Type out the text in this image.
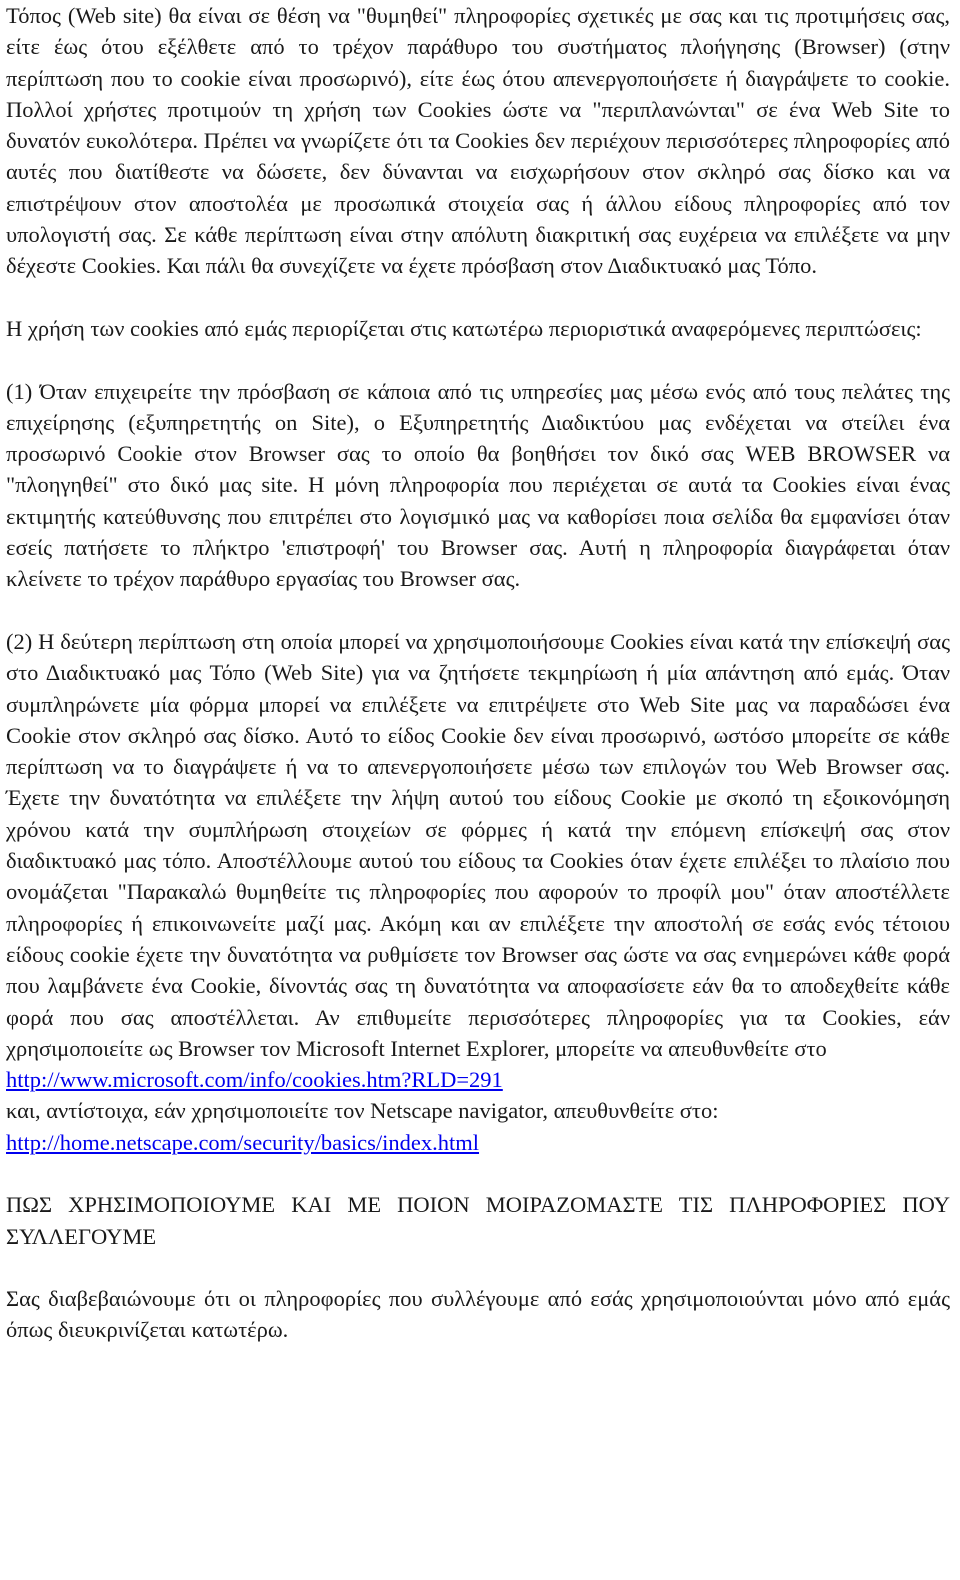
Τόπος (Web site) θα είναι σε θέση να "θυμηθεί" πληροφορίες σχετικές με σας και τις προτιμήσεις σας, είτε έως ότου εξέλθετε από το τρέχον παράθυρο του συστήματος πλοήγησης (Browser) (στην περίπτωση που το cookie είναι προσωρινό), είτε έως ότου απενεργοποιήσετε ή διαγράψετε το cookie. Πολλοί χρήστες προτιμούν τη χρήση των Cookies ώστε να "περιπλανώνται" σε ένα Web Site το δυνατόν ευκολότερα. Πρέπει να γνωρίζετε ότι τα Cookies δεν περιέχουν περισσότερες πληροφορίες από αυτές που διατίθεστε να δώσετε, δεν δύνανται να εισχωρήσουν στον σκληρό σας δίσκο και να επιστρέψουν στον αποστολέα με προσωπικά στοιχεία σας ή άλλου είδους πληροφορίες από τον υπολογιστή σας. Σε κάθε περίπτωση είναι στην απόλυτη διακριτική σας ευχέρεια να επιλέξετε να μην δέχεστε Cookies. Και πάλι θα συνεχίζετε να έχετε πρόσβαση στον Διαδικτυακό μας Τόπο.

Η χρήση των cookies από εμάς περιορίζεται στις κατωτέρω περιοριστικά αναφερόμενες περιπτώσεις:

(1) Όταν επιχειρείτε την πρόσβαση σε κάποια από τις υπηρεσίες μας μέσω ενός από τους πελάτες της επιχείρησης (εξυπηρετητής on Site), ο Εξυπηρετητής Διαδικτύου μας ενδέχεται να στείλει ένα προσωρινό Cookie στον Browser σας το οποίο θα βοηθήσει τον δικό σας WEB BROWSER να "πλοηγηθεί" στο δικό μας site. Η μόνη πληροφορία που περιέχεται σε αυτά τα Cookies είναι ένας εκτιμητής κατεύθυνσης που επιτρέπει στο λογισμικό μας να καθορίσει ποια σελίδα θα εμφανίσει όταν εσείς πατήσετε το πλήκτρο 'επιστροφή' του Browser σας. Αυτή η πληροφορία διαγράφεται όταν κλείνετε το τρέχον παράθυρο εργασίας του Browser σας.

(2) Η δεύτερη περίπτωση στη οποία μπορεί να χρησιμοποιήσουμε Cookies είναι κατά την επίσκεψή σας στο Διαδικτυακό μας Τόπο (Web Site) για να ζητήσετε τεκμηρίωση ή μία απάντηση από εμάς. Όταν συμπληρώνετε μία φόρμα μπορεί να επιλέξετε να επιτρέψετε στο Web Site μας να παραδώσει ένα Cookie στον σκληρό σας δίσκο. Αυτό το είδος Cookie δεν είναι προσωρινό, ωστόσο μπορείτε σε κάθε περίπτωση να το διαγράψετε ή να το απενεργοποιήσετε μέσω των επιλογών του Web Browser σας. Έχετε την δυνατότητα να επιλέξετε την λήψη αυτού του είδους Cookie με σκοπό τη εξοικονόμηση χρόνου κατά την συμπλήρωση στοιχείων σε φόρμες ή κατά την επόμενη επίσκεψή σας στον διαδικτυακό μας τόπο. Αποστέλλουμε αυτού του είδους τα Cookies όταν έχετε επιλέξει το πλαίσιο που ονομάζεται "Παρακαλώ θυμηθείτε τις πληροφορίες που αφορούν το προφίλ μου" όταν αποστέλλετε πληροφορίες ή επικοινωνείτε μαζί μας. Ακόμη και αν επιλέξετε την αποστολή σε εσάς ενός τέτοιου είδους cookie έχετε την δυνατότητα να ρυθμίσετε τον Browser σας ώστε να σας ενημερώνει κάθε φορά που λαμβάνετε ένα Cookie, δίνοντάς σας τη δυνατότητα να αποφασίσετε εάν θα το αποδεχθείτε κάθε φορά που σας αποστέλλεται. Αν επιθυμείτε περισσότερες πληροφορίες για τα Cookies, εάν χρησιμοποιείτε ως Browser τον Microsoft Internet Explorer, μπορείτε να απευθυνθείτε στο

http://www.microsoft.com/info/cookies.htm?RLD=291

και, αντίστοιχα, εάν χρησιμοποιείτε τον Netscape navigator, απευθυνθείτε στο:

http://home.netscape.com/security/basics/index.html

ΠΩΣ ΧΡΗΣΙΜΟΠΟΙΟΥΜΕ ΚΑΙ ΜΕ ΠΟΙΟΝ ΜΟΙΡΑΖΟΜΑΣΤΕ ΤΙΣ ΠΛΗΡΟΦΟΡΙΕΣ ΠΟΥ ΣΥΛΛΕΓΟΥΜΕ

Σας διαβεβαιώνουμε ότι οι πληροφορίες που συλλέγουμε από εσάς χρησιμοποιούνται μόνο από εμάς όπως διευκρινίζεται κατωτέρω.
